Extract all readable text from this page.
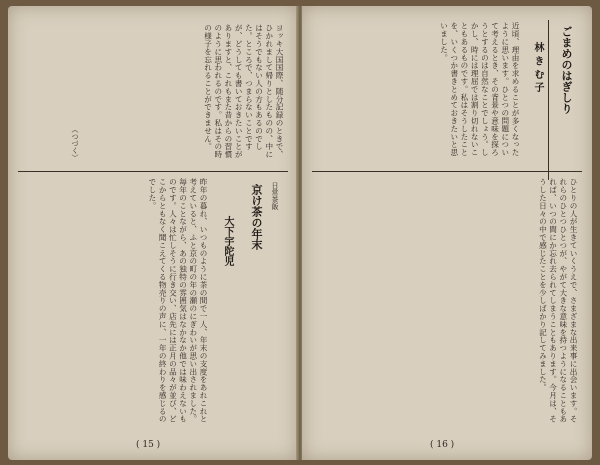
ヨッキ大国国際、随分記録のときで、ひかれまして帰りとしたものの、中にはそうでもない人の方もあるのでした。ところで、つまらないことですが、どうしても書いておきたいことがありますと、これもまた昔からの習慣のように思われるのです。私はその時の様子を忘れることができません。
（つづく）
日常茶飯
京け茶の年末
大下宇陀児
昨年の暮れ、いつものように茶の間で一人、年末の支度をあれこれと考えていると、ふと京の町の年の瀬のにぎわいが思い出されました。毎年のことながら、あの独特の雰囲気はなかなか他では味わえないものです。人々は忙しそうに行き交い、店先には正月の品々が並び、どこからともなく聞こえてくる物売りの声に、一年の終わりを感じるのでした。
( 15 )
ごまめのはぎしり
林 き む 子
近頃、理由を求めることが多くなったように思います。ひとつの問題について考えるとき、その背景や意味を探ろうとするのは自然なことでしょう。しかし、時には理屈では割り切れないこともあるものです。私はそうしたことを、いくつか書きとめておきたいと思いました。
ひとりの人が生きていくうえで、さまざまな出来事に出会います。それらのひとつひとつが、やがて大きな意味を持つようになることもあれば、いつの間にか忘れ去られてしまうこともあります。今月は、そうした日々の中で感じたことを少しばかり記してみました。
( 16 )
